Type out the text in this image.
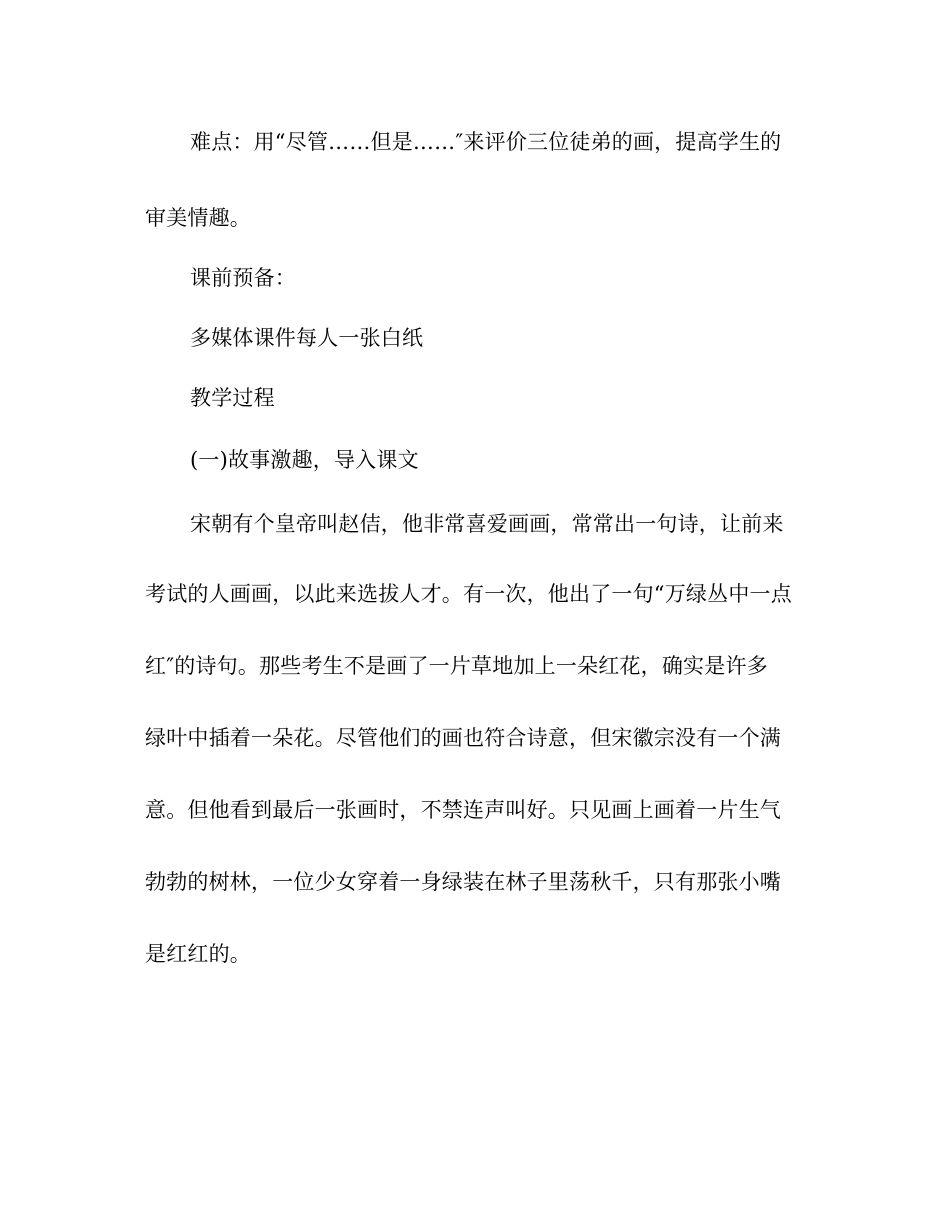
难点：用“尽管……但是……″来评价三位徒弟的画，提高学生的
审美情趣。
课前预备：
多媒体课件每人一张白纸
教学过程
(一)故事激趣，导入课文
宋朝有个皇帝叫赵佶，他非常喜爱画画，常常出一句诗，让前来
考试的人画画，以此来选拔人才。有一次，他出了一句“万绿丛中一点
红″的诗句。那些考生不是画了一片草地加上一朵红花，确实是许多
绿叶中插着一朵花。尽管他们的画也符合诗意，但宋徽宗没有一个满
意。但他看到最后一张画时，不禁连声叫好。只见画上画着一片生气
勃勃的树林，一位少女穿着一身绿装在林子里荡秋千，只有那张小嘴
是红红的。
